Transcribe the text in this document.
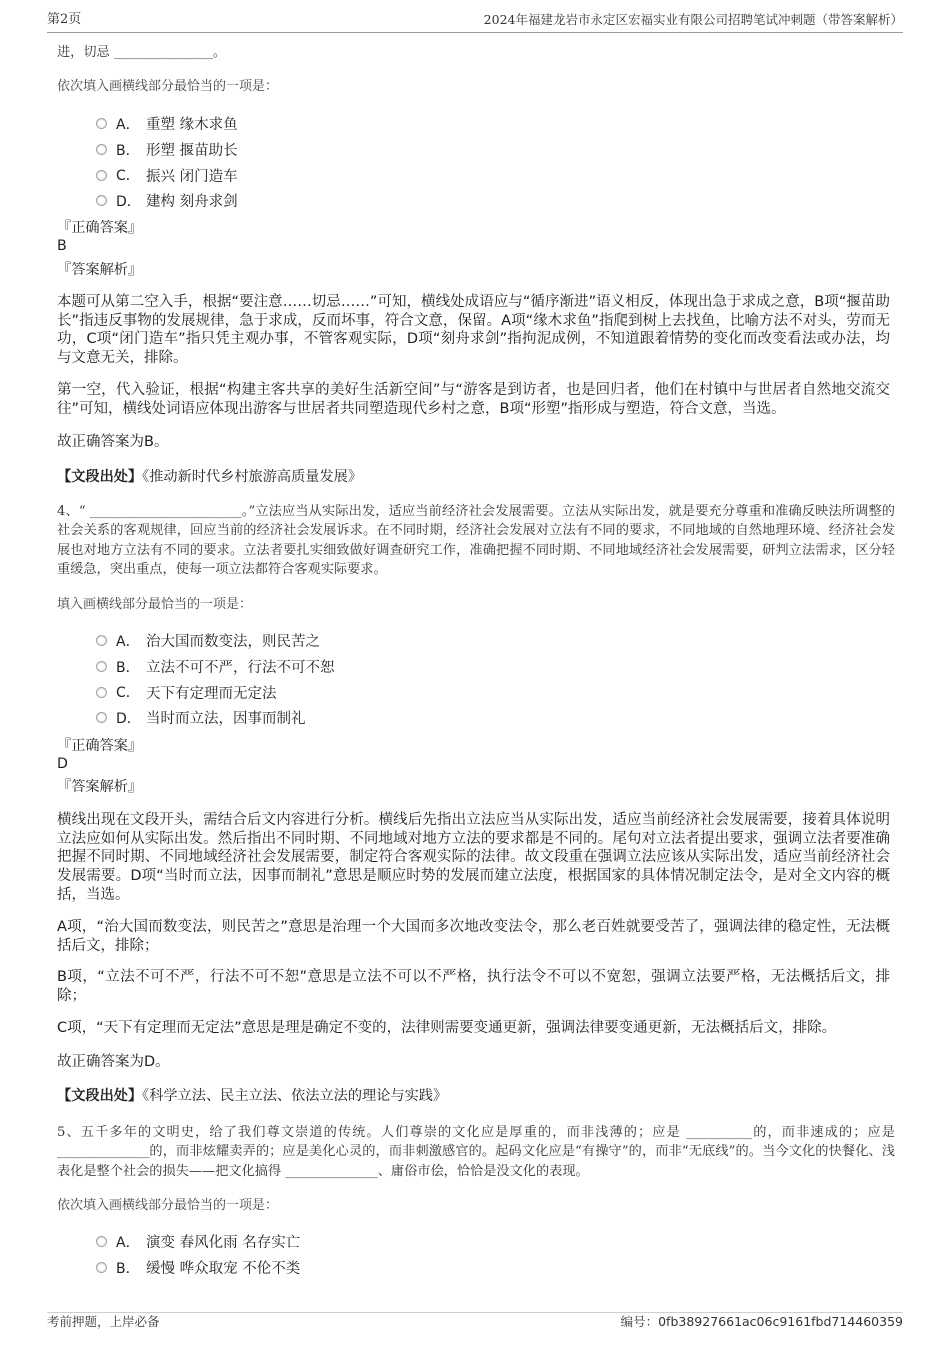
第2页	2024年福建龙岩市永定区宏福实业有限公司招聘笔试冲刺题（带答案解析）
进，切忌 _______________。
依次填入画横线部分最恰当的一项是：
A． 重塑 缘木求鱼
B． 形塑 揠苗助长
C． 振兴 闭门造车
D． 建构 刻舟求剑
『正确答案』
B
『答案解析』
本题可从第二空入手，根据“要注意……切忌……”可知，横线处成语应与“循序渐进”语义相反，体现出急于求成之意，B项“揠苗助长”指违反事物的发展规律，急于求成，反而坏事，符合文意，保留。A项“缘木求鱼”指爬到树上去找鱼，比喻方法不对头，劳而无功，C项“闭门造车”指只凭主观办事，不管客观实际，D项“刻舟求剑”指拘泥成例，不知道跟着情势的变化而改变看法或办法，均与文意无关，排除。
第一空，代入验证，根据“构建主客共享的美好生活新空间”与“游客是到访者，也是回归者，他们在村镇中与世居者自然地交流交往”可知，横线处词语应体现出游客与世居者共同塑造现代乡村之意，B项“形塑”指形成与塑造，符合文意，当选。
故正确答案为B。
【文段出处】《推动新时代乡村旅游高质量发展》
4、“ _______________________。”立法应当从实际出发，适应当前经济社会发展需要。立法从实际出发，就是要充分尊重和准确反映法所调整的社会关系的客观规律，回应当前的经济社会发展诉求。在不同时期，经济社会发展对立法有不同的要求，不同地域的自然地理环境、经济社会发展也对地方立法有不同的要求。立法者要扎实细致做好调查研究工作，准确把握不同时期、不同地域经济社会发展需要，研判立法需求，区分轻重缓急，突出重点，使每一项立法都符合客观实际要求。
填入画横线部分最恰当的一项是：
A． 治大国而数变法，则民苦之
B． 立法不可不严，行法不可不恕
C． 天下有定理而无定法
D． 当时而立法，因事而制礼
『正确答案』
D
『答案解析』
横线出现在文段开头，需结合后文内容进行分析。横线后先指出立法应当从实际出发，适应当前经济社会发展需要，接着具体说明立法应如何从实际出发。然后指出不同时期、不同地域对地方立法的要求都是不同的。尾句对立法者提出要求，强调立法者要准确把握不同时期、不同地域经济社会发展需要，制定符合客观实际的法律。故文段重在强调立法应该从实际出发，适应当前经济社会发展需要。D项“当时而立法，因事而制礼”意思是顺应时势的发展而建立法度，根据国家的具体情况制定法令，是对全文内容的概括，当选。
A项，“治大国而数变法，则民苦之”意思是治理一个大国而多次地改变法令，那么老百姓就要受苦了，强调法律的稳定性，无法概括后文，排除；
B项，“立法不可不严，行法不可不恕”意思是立法不可以不严格，执行法令不可以不宽恕，强调立法要严格，无法概括后文，排除；
C项，“天下有定理而无定法”意思是理是确定不变的，法律则需要变通更新，强调法律要变通更新，无法概括后文，排除。
故正确答案为D。
【文段出处】《科学立法、民主立法、依法立法的理论与实践》
5、五千多年的文明史，给了我们尊文崇道的传统。人们尊崇的文化应是厚重的，而非浅薄的；应是 __________的，而非速成的；应是 ______________的，而非炫耀卖弄的；应是美化心灵的，而非刺激感官的。起码文化应是“有操守”的，而非“无底线”的。当今文化的快餐化、浅表化是整个社会的损失——把文化搞得 ______________、庸俗市侩，恰恰是没文化的表现。
依次填入画横线部分最恰当的一项是：
A． 演变 春风化雨 名存实亡
B． 缓慢 哗众取宠 不伦不类
考前押题，上岸必备	编号：0fb38927661ac06c9161fbd714460359
